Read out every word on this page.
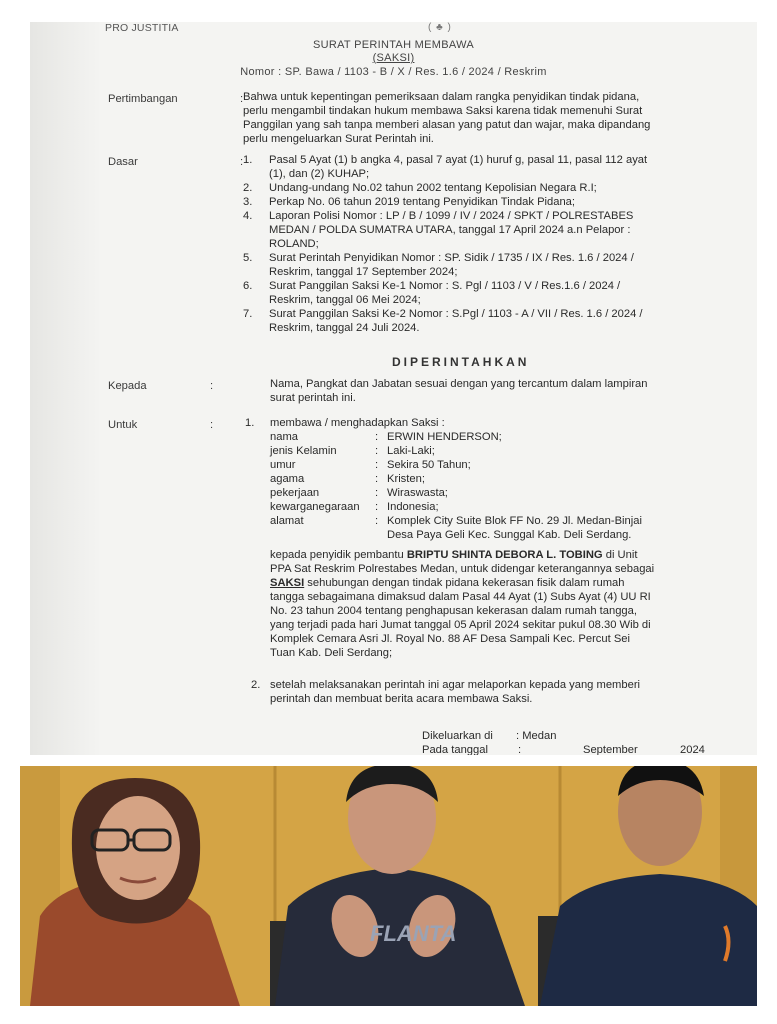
PRO JUSTITIA	( ♣ )
SURAT PERINTAH MEMBAWA
(SAKSI)
Nomor : SP. Bawa / 1103 - B / X / Res. 1.6 / 2024 / Reskrim
Pertimbangan	: Bahwa untuk kepentingan pemeriksaan dalam rangka penyidikan tindak pidana,
perlu mengambil tindakan hukum membawa Saksi karena tidak memenuhi Surat
Panggilan yang sah tanpa memberi alasan yang patut dan wajar, maka dipandang
perlu mengeluarkan Surat Perintah ini.
Dasar	: 1.	Pasal 5 Ayat (1) b angka 4, pasal 7 ayat (1) huruf g, pasal 11, pasal 112 ayat
(1), dan (2) KUHAP;
2.	Undang-undang No.02 tahun 2002 tentang Kepolisian Negara R.I;
3.	Perkap No. 06 tahun 2019 tentang Penyidikan Tindak Pidana;
4.	Laporan Polisi Nomor : LP / B / 1099 / IV / 2024 / SPKT / POLRESTABES
MEDAN / POLDA SUMATRA UTARA, tanggal 17 April 2024 a.n Pelapor :
ROLAND;
5.	Surat Perintah Penyidikan Nomor : SP. Sidik / 1735 / IX / Res. 1.6 / 2024 /
Reskrim, tanggal 17 September 2024;
6.	Surat Panggilan Saksi Ke-1 Nomor : S. Pgl / 1103 / V / Res.1.6 / 2024 /
Reskrim, tanggal 06 Mei 2024;
7.	Surat Panggilan Saksi Ke-2 Nomor : S.Pgl / 1103 - A / VII / Res. 1.6 / 2024 /
Reskrim, tanggal 24 Juli 2024.
DIPERINTAHKAN
Kepada	:	Nama, Pangkat dan Jabatan sesuai dengan yang tercantum dalam lampiran
surat perintah ini.
Untuk	:	1. membawa / menghadapkan Saksi :
nama	: ERWIN HENDERSON;
jenis Kelamin	: Laki-Laki;
umur	: Sekira 50 Tahun;
agama	: Kristen;
pekerjaan	: Wiraswasta;
kewarganegaraan	: Indonesia;
alamat	: Komplek City Suite Blok FF No. 29 Jl. Medan-Binjai
Desa Paya Geli Kec. Sunggal Kab. Deli Serdang.
kepada penyidik pembantu BRIPTU SHINTA DEBORA L. TOBING di Unit
PPA Sat Reskrim Polrestabes Medan, untuk didengar keterangannya sebagai
SAKSI sehubungan dengan tindak pidana kekerasan fisik dalam rumah
tangga sebagaimana dimaksud dalam Pasal 44 Ayat (1) Subs Ayat (4) UU RI
No. 23 tahun 2004 tentang penghapusan kekerasan dalam rumah tangga,
yang terjadi pada hari Jumat tanggal 05 April 2024 sekitar pukul 08.30 Wib di
Komplek Cemara Asri Jl. Royal No. 88 AF Desa Sampali Kec. Percut Sei
Tuan Kab. Deli Serdang;
2. setelah melaksanakan perintah ini agar melaporkan kepada yang memberi
perintah dan membuat berita acara membawa Saksi.
Dikeluarkan di : Medan
Pada tanggal	:	September	2024
FLANTA
